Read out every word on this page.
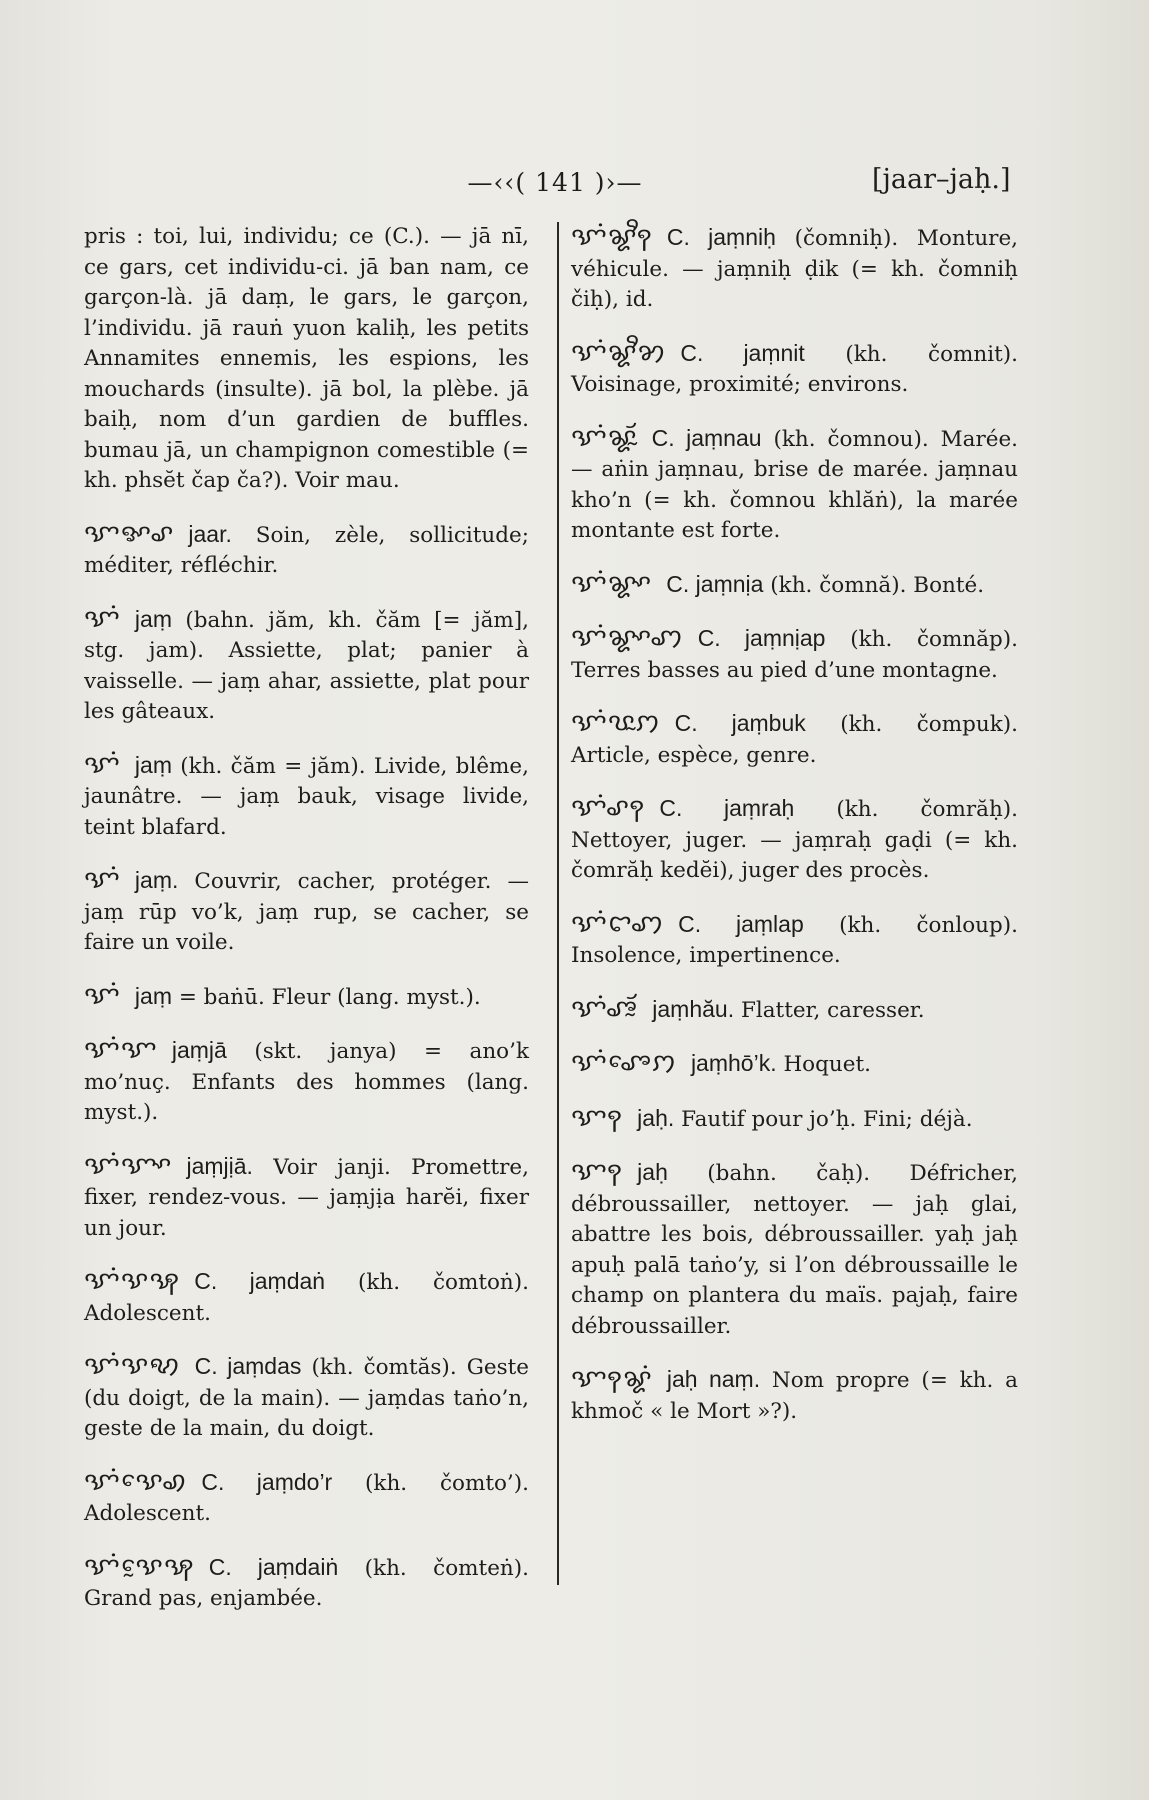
—‹‹( 141 )›—	[jaar–jaḥ.]

pris : toi, lui, individu; ce (C.). — jā nī, ce gars, cet individu-ci. jā ban nam, ce garçon-là. jā daṃ, le gars, le garçon, l’individu. jā rauṅ yuon kaliḥ, les petits Annamites ennemis, les espions, les mouchards (insulte). jā bol, la plèbe. jā baiḥ, nom d’un gardien de buffles. bumau jā, un champignon comestible (= kh. phsĕt čap ča?). Voir mau.

ꨎꨀꨣ jaar. Soin, zèle, sollicitude; méditer, réfléchir.

ꨎꩌ jaṃ (bahn. jăm, kh. čăm [= jăm], stg. jam). Assiette, plat; panier à vaisselle. — jaṃ ahar, assiette, plat pour les gâteaux.

ꨎꩌ jaṃ (kh. čăm = jăm). Livide, blême, jaunâtre. — jaṃ bauk, visage livide, teint blafard.

ꨎꩌ jaṃ. Couvrir, cacher, protéger. — jaṃ rūp vo’k, jaṃ rup, se cacher, se faire un voile.

ꨎꩌ jaṃ = baṅū. Fleur (lang. myst.).

ꨎꩌꨎ jaṃjā (skt. janya) = ano’k mo’nuç. Enfants des hommes (lang. myst.).

ꨎꩌꨎꨳ jaṃjịā. Voir janji. Promettre, fixer, rendez-vous. — jaṃjịa harĕi, fixer un jour.

ꨎꩌꨕꩂ C. jaṃdaṅ (kh. čomtoṅ). Adolescent.

ꨎꩌꨕꩋ C. jaṃdas (kh. čomtăs). Geste (du doigt, de la main). — jaṃdas taṅo’n, geste de la main, du doigt.

ꨎꩌꨕꨯꩉ C. jaṃdo’r (kh. čomto’). Adolescent.

ꨎꩌꨕꨰꩂ C. jaṃdaiṅ (kh. čomteṅ). Grand pas, enjambée.

ꨎꩌꨘꨪꩍ C. jaṃniḥ (čomniḥ). Monture, véhicule. — jaṃniḥ ḍik (= kh. čomniḥ čiḥ), id.

ꨎꩌꨘꨪꩄ C. jaṃnit (kh. čomnit). Voisinage, proximité; environs.

ꨎꩌꨘꨮꨭ C. jaṃnau (kh. čomnou). Marée. — aṅin jaṃnau, brise de marée. jaṃnau kho’n (= kh. čomnou khlăṅ), la marée montante est forte.

ꨎꩌꨘꨳ C. jaṃnịa (kh. čomnă). Bonté.

ꨎꩌꨘꨳꩇ C. jaṃnịap (kh. čomnăp). Terres basses au pied d’une montagne.

ꨎꩌꨝꨭꩀ C. jaṃbuk (kh. čompuk). Article, espèce, genre.

ꨎꩌꨣꩍ C. jaṃraḥ (kh. čomrăḥ). Nettoyer, juger. — jaṃraḥ gaḍi (= kh. čomrăḥ kedĕi), juger des procès.

ꨎꩌꨤꩇ C. jaṃlap (kh. čonloup). Insolence, impertinence.

ꨎꩌꨨꨮꨭ jaṃhău. Flatter, caresser.

ꨎꩌꨨꨯꩀ jaṃhō’k. Hoquet.

ꨎꩍ jaḥ. Fautif pour jo’ḥ. Fini; déjà.

ꨎꩍ jaḥ (bahn. čaḥ). Défricher, débroussailler, nettoyer. — jaḥ glai, abattre les bois, débroussailler. yaḥ jaḥ apuḥ palā taṅo’y, si l’on débroussaille le champ on plantera du maïs. pajaḥ, faire débroussailler.

ꨎꩍꨘꩌ jaḥ naṃ. Nom propre (= kh. a khmoč « le Mort »?).
